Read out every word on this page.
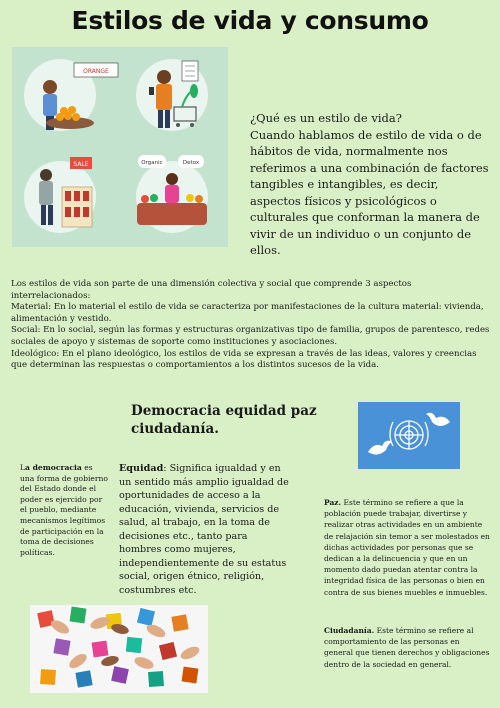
Estilos de vida y consumo
ORANGE
SALE	Organic	Detox
¿Qué es un estilo de vida?
Cuando hablamos de estilo de vida o de hábitos de vida, normalmente nos referimos a una combinación de factores tangibles e intangibles, es decir, aspectos físicos y psicológicos o culturales que conforman la manera de vivir de un individuo o un conjunto de ellos.

Los estilos de vida son parte de una dimensión colectiva y social que comprende 3 aspectos interrelacionados:

Material: En lo material el estilo de vida se caracteriza por manifestaciones de la cultura material: vivienda, alimentación y vestido.

Social: En lo social, según las formas y estructuras organizativas tipo de familia, grupos de parentesco, redes sociales de apoyo y sistemas de soporte como instituciones y asociaciones.

Ideológico: En el plano ideológico, los estilos de vida se expresan a través de las ideas, valores y creencias que determinan las respuestas o comportamientos a los distintos sucesos de la vida.

Democracia equidad paz ciudadanía.
La democracia es una forma de gobierno del Estado donde el poder es ejercido por el pueblo, mediante mecanismos legítimos de participación en la toma de decisiones políticas.
Equidad: Significa igualdad y en un sentido más amplio igualdad de oportunidades de acceso a la educación, vivienda, servicios de salud, al trabajo, en la toma de decisiones etc., tanto para hombres como mujeres, independientemente de su estatus social, origen étnico, religión, costumbres etc.
Paz. Este término se refiere a que la población puede trabajar, divertirse y realizar otras actividades en un ambiente de relajación sin temor a ser molestados en dichas actividades por personas que se dedican a la delincuencia y que en un momento dado puedan atentar contra la integridad física de las personas o bien en contra de sus bienes muebles e inmuebles.
Ciudadanía. Este término se refiere al comportamiento de las personas en general que tienen derechos y obligaciones dentro de la sociedad en general.
